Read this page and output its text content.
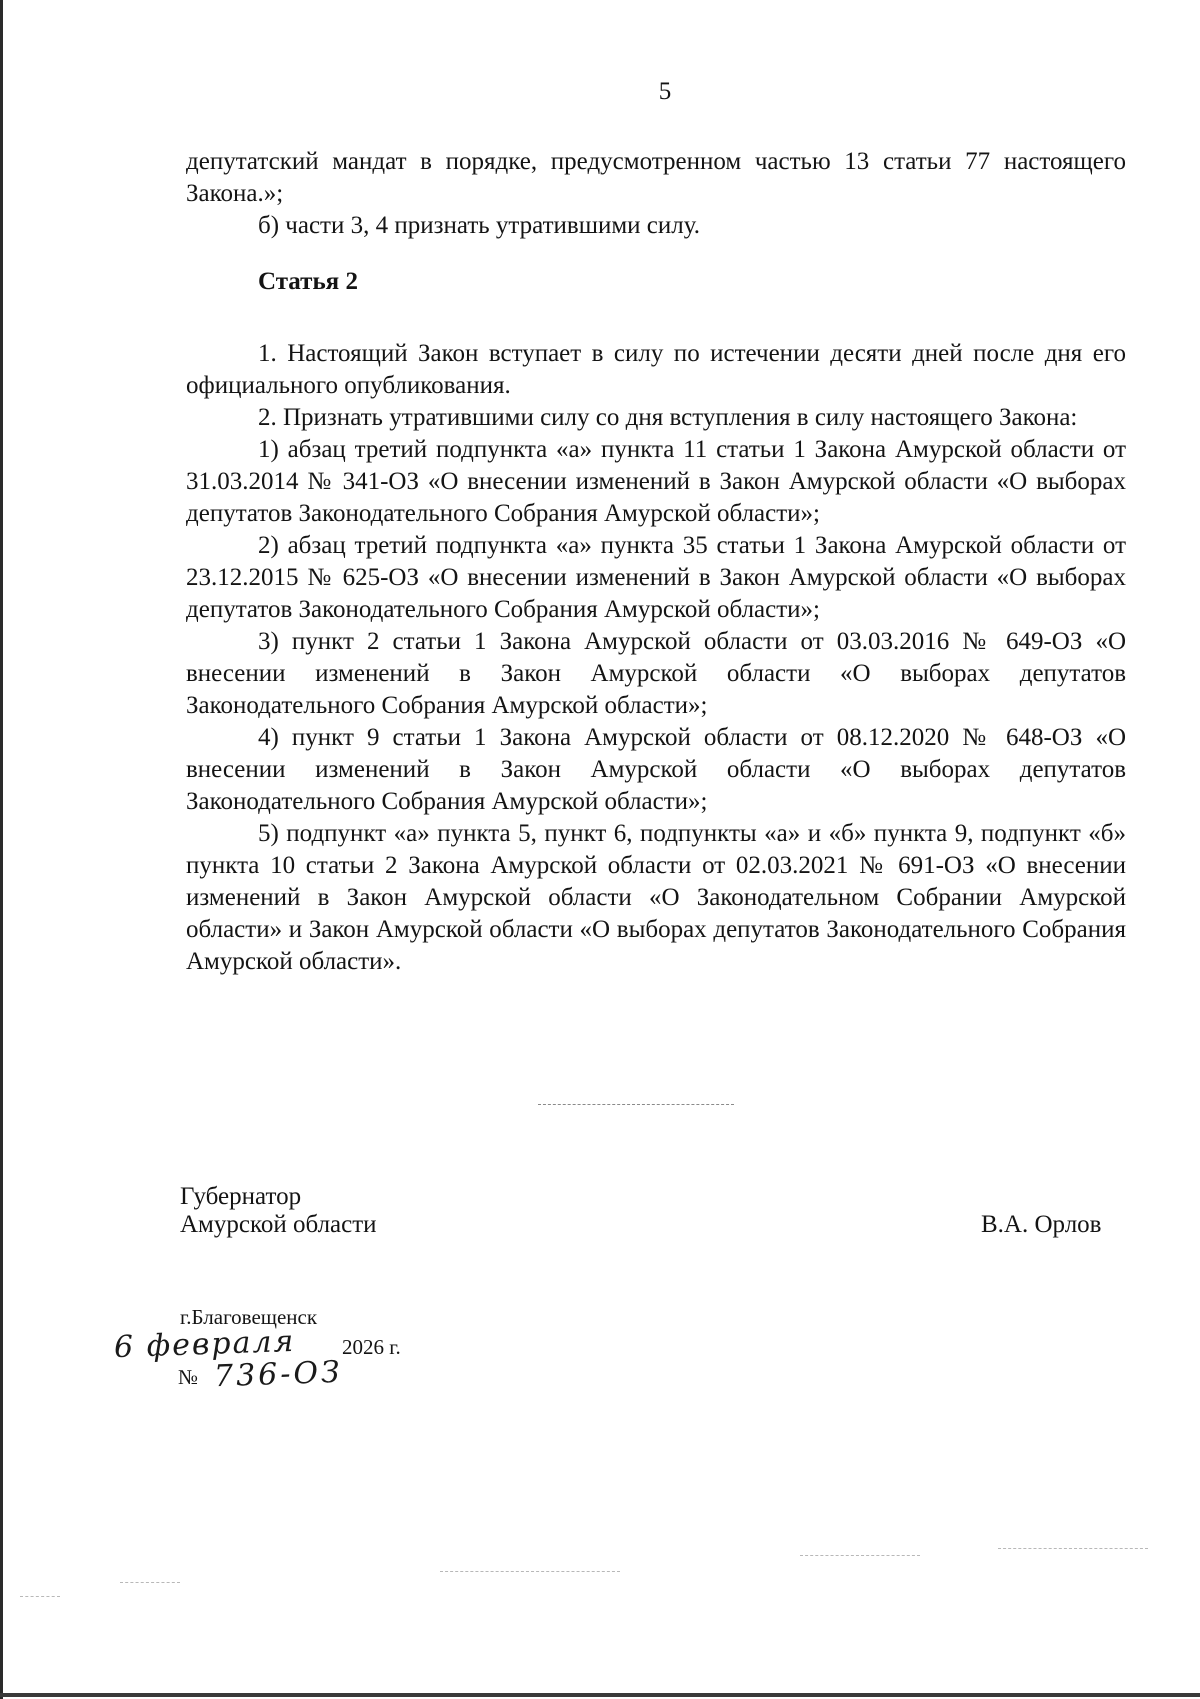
5

депутатский мандат в порядке, предусмотренном частью 13 статьи 77 настоящего Закона.»;

б) части 3, 4 признать утратившими силу.

Статья 2

1. Настоящий Закон вступает в силу по истечении десяти дней после дня его официального опубликования.

2. Признать утратившими силу со дня вступления в силу настоящего Закона:

1) абзац третий подпункта «а» пункта 11 статьи 1 Закона Амурской области от 31.03.2014 № 341-ОЗ «О внесении изменений в Закон Амурской области «О выборах депутатов Законодательного Собрания Амурской области»;

2) абзац третий подпункта «а» пункта 35 статьи 1 Закона Амурской области от 23.12.2015 № 625-ОЗ «О внесении изменений в Закон Амурской области «О выборах депутатов Законодательного Собрания Амурской области»;

3) пункт 2 статьи 1 Закона Амурской области от 03.03.2016 № 649-ОЗ «О внесении изменений в Закон Амурской области «О выборах депутатов Законодательного Собрания Амурской области»;

4) пункт 9 статьи 1 Закона Амурской области от 08.12.2020 № 648-ОЗ «О внесении изменений в Закон Амурской области «О выборах депутатов Законодательного Собрания Амурской области»;

5) подпункт «а» пункта 5, пункт 6, подпункты «а» и «б» пункта 9, подпункт «б» пункта 10 статьи 2 Закона Амурской области от 02.03.2021 № 691-ОЗ «О внесении изменений в Закон Амурской области «О Законодательном Собрании Амурской области» и Закон Амурской области «О выборах депутатов Законодательного Собрания Амурской области».

Губернатор
Амурской области	В.А. Орлов
г.Благовещенск
6 февраля 2026 г.
№ 736-ОЗ
